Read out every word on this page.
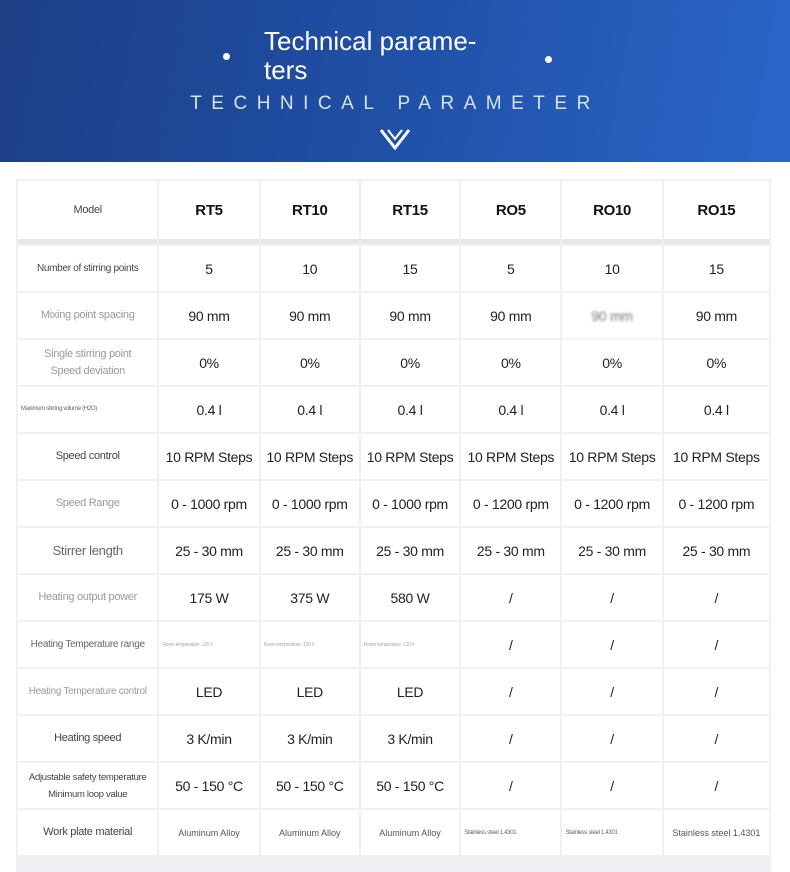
Technical parame-
ters
TECHNICAL PARAMETER
Model	RT5	RT10	RT15	RO5	RO10	RO15
Number of stirring points	5	10	15	5	10	15
Mixing point spacing	90 mm	90 mm	90 mm	90 mm	90 mm	90 mm

Single stirring point
Speed deviation	0%	0%	0%	0%	0%	0%
Maximum stirring volume (H2O)	0.4 l	0.4 l	0.4 l	0.4 l	0.4 l	0.4 l
Speed control	10 RPM Steps	10 RPM Steps	10 RPM Steps	10 RPM Steps	10 RPM Steps	10 RPM Steps
Speed Range	0 - 1000 rpm	0 - 1000 rpm	0 - 1000 rpm	0 - 1200 rpm	0 - 1200 rpm	0 - 1200 rpm
Stirrer length	25 - 30 mm	25 - 30 mm	25 - 30 mm	25 - 30 mm	25 - 30 mm	25 - 30 mm
Heating output power	175 W	375 W	580 W	/	/	/
Heating Temperature range	Room temperature -120 #	Room temperature -120 #	Room temperature -120 #	/	/	/
Heating Temperature control	LED	LED	LED	/	/	/
Heating speed	3 K/min	3 K/min	3 K/min	/	/	/

Adjustable safety temperature
Minimum loop value	50 - 150 °C	50 - 150 °C	50 - 150 °C	/	/	/
Work plate material	Aluminum Alloy	Aluminum Alloy	Aluminum Alloy	Stainless steel 1.4301	Stainless steel 1.4301	Stainless steel 1.4301
